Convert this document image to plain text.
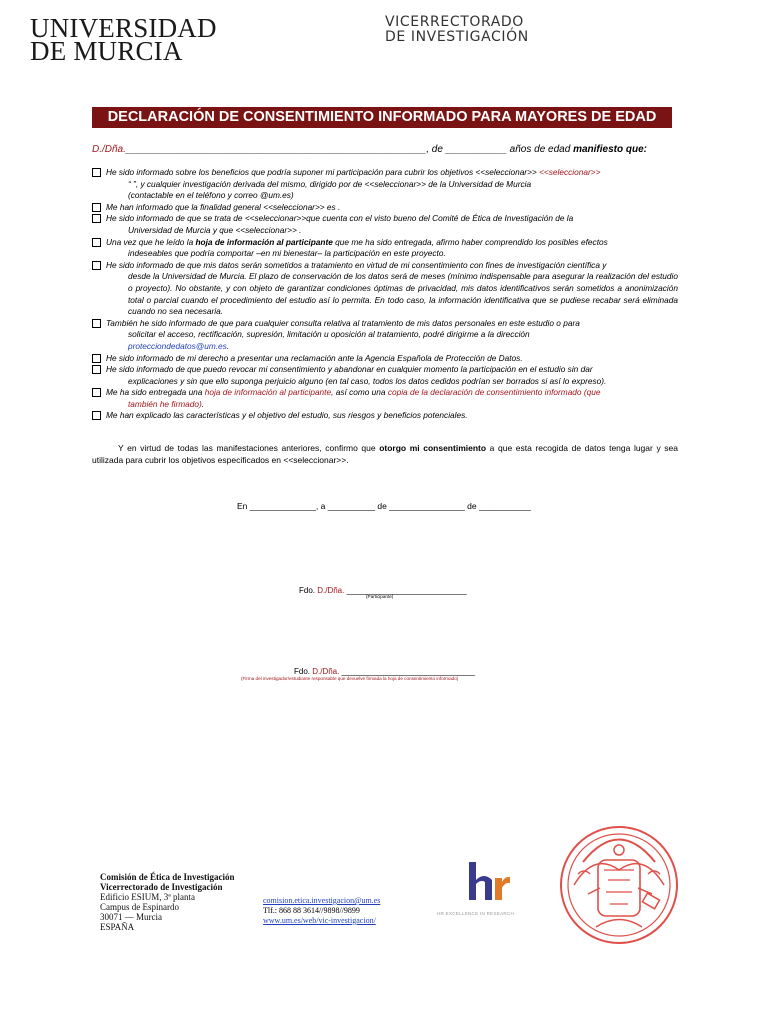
UNIVERSIDAD
DE MURCIA
VICERRECTORADO
DE INVESTIGACIÓN
DECLARACIÓN DE CONSENTIMIENTO INFORMADO PARA MAYORES DE EDAD
D./Dña.______________________________________________________, de ___________ años de edad manifiesto que:
He sido informado sobre los beneficios que podría suponer mi participación para cubrir los objetivos <<seleccionar>> <<seleccionar>>
“ ”, y cualquier investigación derivada del mismo, dirigido por de <<seleccionar>> de la Universidad de Murcia
(contactable en el teléfono y correo @um.es)
Me han informado que la finalidad general <<seleccionar>> es .
He sido informado de que se trata de <<seleccionar>>que cuenta con el visto bueno del Comité de Ética de Investigación de la
Universidad de Murcia y que <<seleccionar>> .
Una vez que he leído la hoja de información al participante que me ha sido entregada, afirmo haber comprendido los posibles efectos
indeseables que podría comportar –en mi bienestar– la participación en este proyecto.
He sido informado de que mis datos serán sometidos a tratamiento en virtud de mi consentimiento con fines de investigación científica y
desde la Universidad de Murcia. El plazo de conservación de los datos será de meses (mínimo indispensable para asegurar la realización del estudio o proyecto). No obstante, y con objeto de garantizar condiciones óptimas de privacidad, mis datos identificativos serán sometidos a anonimización total o parcial cuando el procedimiento del estudio así lo permita. En todo caso, la información identificativa que se pudiese recabar será eliminada cuando no sea necesaria.
También he sido informado de que para cualquier consulta relativa al tratamiento de mis datos personales en este estudio o para
solicitar el acceso, rectificación, supresión, limitación u oposición al tratamiento, podré dirigirme a la dirección
protecciondedatos@um.es.
He sido informado de mi derecho a presentar una reclamación ante la Agencia Española de Protección de Datos.
He sido informado de que puedo revocar mi consentimiento y abandonar en cualquier momento la participación en el estudio sin dar
explicaciones y sin que ello suponga perjuicio alguno (en tal caso, todos los datos cedidos podrían ser borrados si así lo expreso).
Me ha sido entregada una hoja de información al participante, así como una copia de la declaración de consentimiento informado (que
también he firmado).
Me han explicado las características y el objetivo del estudio, sus riesgos y beneficios potenciales.
Y en virtud de todas las manifestaciones anteriores, confirmo que otorgo mi consentimiento a que esta recogida de datos tenga lugar y sea utilizada para cubrir los objetivos especificados en <<seleccionar>>.
En ______________, a __________ de ________________ de ___________
Fdo. D./Dña. ___________________________
(Participante)
Fdo. D./Dña. ______________________________
(Firma del investigador/estudiante responsable que devuelve firmada la hoja de consentimiento informado)
Comisión de Ética de Investigación
Vicerrectorado de Investigación
Edificio ESIUM, 3ª planta
Campus de Espinardo
30071 — Murcia
ESPAÑA
comision.etica.investigacion@um.es
Tlf.: 868 88 3614//9898//9899
www.um.es/web/vic-investigacion/
HR EXCELLENCE IN RESEARCH
